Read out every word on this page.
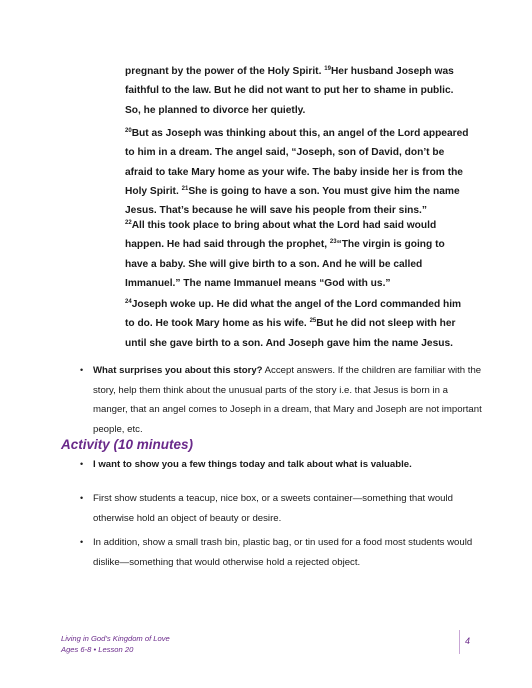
pregnant by the power of the Holy Spirit. $^{19}$Her husband Joseph was faithful to the law. But he did not want to put her to shame in public. So, he planned to divorce her quietly.

$^{20}$But as Joseph was thinking about this, an angel of the Lord appeared to him in a dream. The angel said, “Joseph, son of David, don’t be afraid to take Mary home as your wife. The baby inside her is from the Holy Spirit. $^{21}$She is going to have a son. You must give him the name Jesus. That’s because he will save his people from their sins.”

$^{22}$All this took place to bring about what the Lord had said would happen. He had said through the prophet, $^{23}$“The virgin is going to have a baby. She will give birth to a son. And he will be called Immanuel.” The name Immanuel means “God with us.”

$^{24}$Joseph woke up. He did what the angel of the Lord commanded him to do. He took Mary home as his wife. $^{25}$But he did not sleep with her until she gave birth to a son. And Joseph gave him the name Jesus.

• What surprises you about this story? Accept answers. If the children are familiar with the story, help them think about the unusual parts of the story i.e. that Jesus is born in a manger, that an angel comes to Joseph in a dream, that Mary and Joseph are not important people, etc.
Activity (10 minutes)
• I want to show you a few things today and talk about what is valuable.
• First show students a teacup, nice box, or a sweets container—something that would otherwise hold an object of beauty or desire.
• In addition, show a small trash bin, plastic bag, or tin used for a food most students would dislike—something that would otherwise hold a rejected object.
Living in God’s Kingdom of Love
Ages 6-8 • Lesson 20
4
